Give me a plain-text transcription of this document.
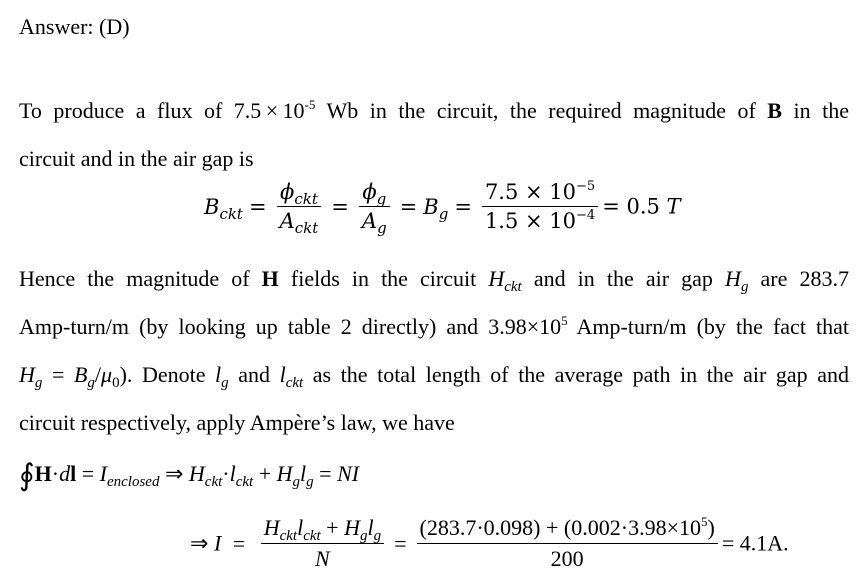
Answer: (D)
To produce a flux of $7.5 \times 10^{-5}$ Wb in the circuit, the required magnitude of B in the
circuit and in the air gap is
$B_{ckt} = \frac{\phi_{ckt}}{A_{ckt}} = \frac{\phi_g}{A_g} = B_g = \frac{7.5 \times 10^{-5}}{1.5 \times 10^{-4}} = 0.5$ T
Hence the magnitude of H fields in the circuit $H_{ckt}$ and in the air gap $H_g$ are 283.7
Amp-turn/m (by looking up table 2 directly) and $3.98\times 10^5$ Amp-turn/m (by the fact that
$H_g = B_g/\mu_0$). Denote $l_g$ and $l_{ckt}$ as the total length of the average path in the air gap and
circuit respectively, apply Ampère’s law, we have
∮H·dl = $I_{enclosed}$ ⇒ $H_{ckt}\cdot l_{ckt} + H_gl_g$ = NI
⇒ $I = \frac{H_{ckt}l_{ckt} + H_gl_g}{N} = \frac{(283.7\cdot 0.098) + (0.002\cdot 3.98\times 10^5)}{200} = 4.1A$.
